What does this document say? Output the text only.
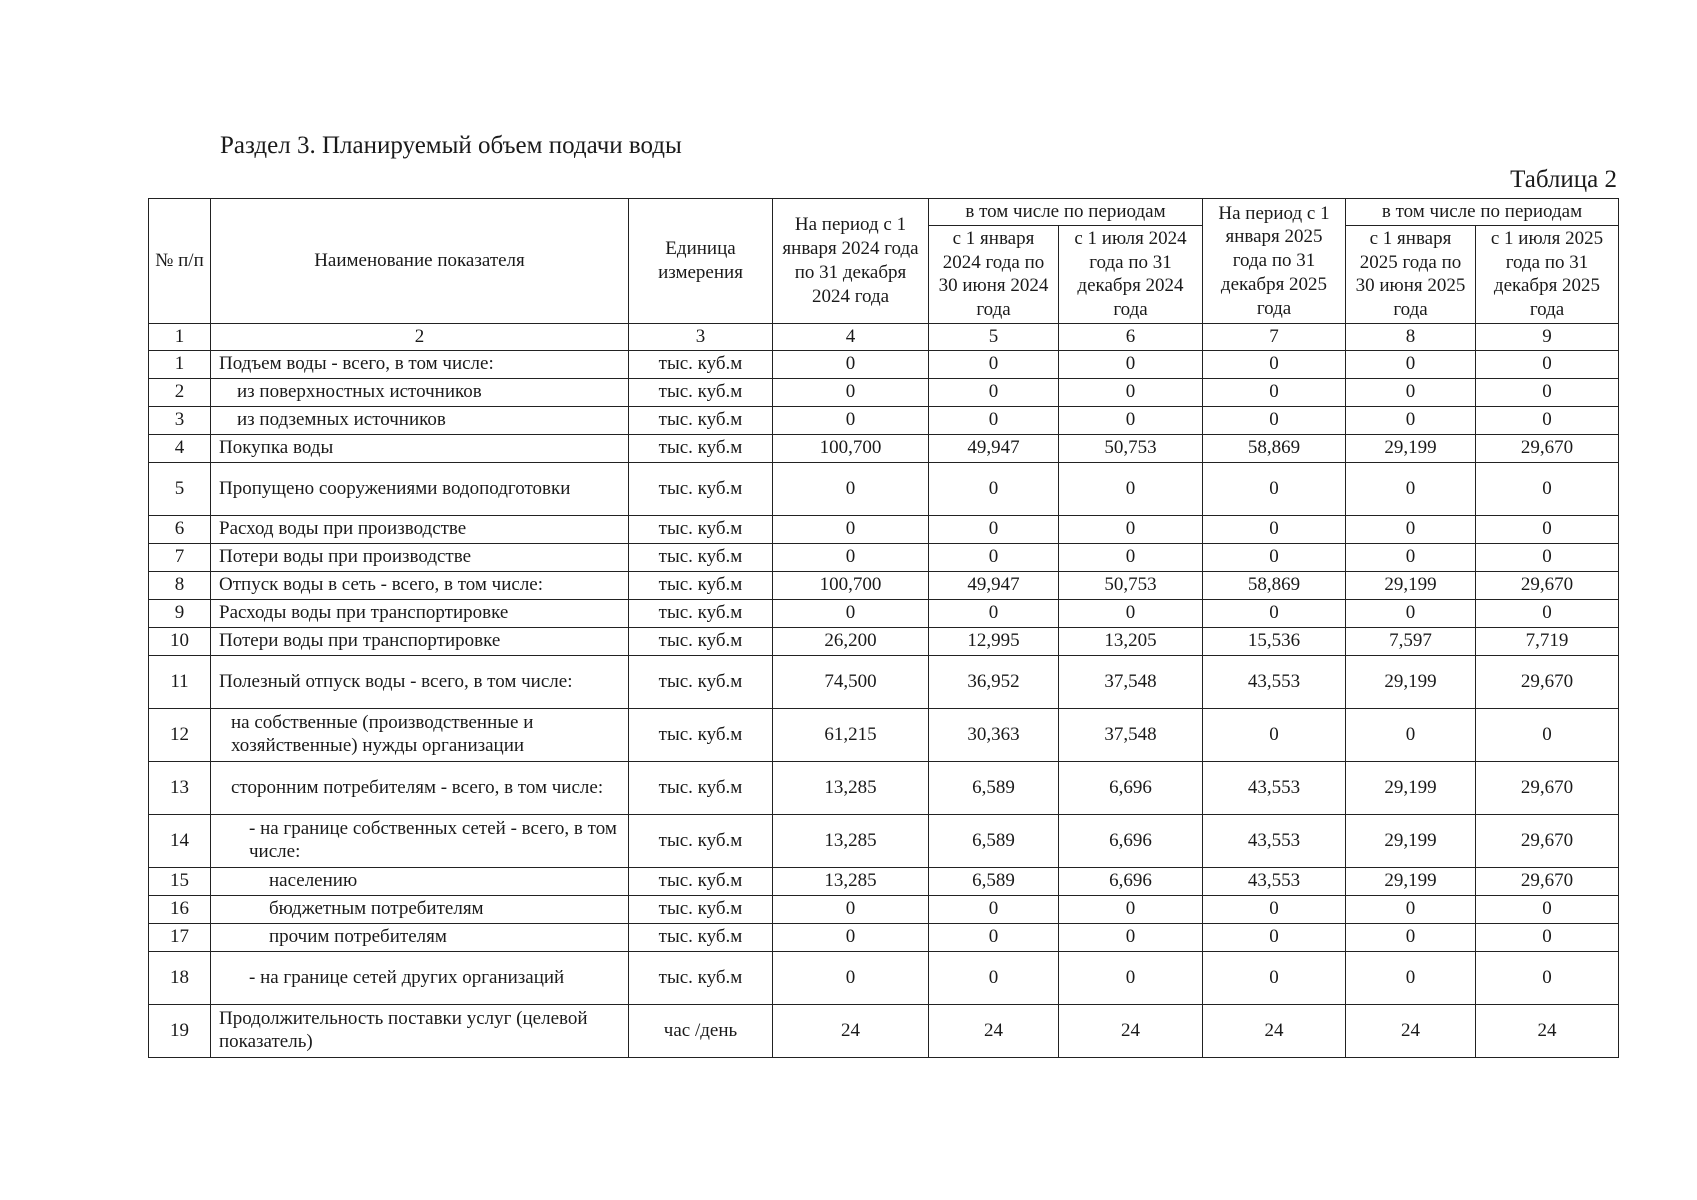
Раздел 3. Планируемый объем подачи воды
Таблица 2
№ п/п	Наименование показателя	Единица измерения	На период с 1 января 2024 года по 31 декабря 2024 года	в том числе по периодам		На период с 1 января 2025 года по 31 декабря 2025 года	в том числе по периодам	
				с 1 января 2024 года по 30 июня 2024 года	с 1 июля 2024 года по 31 декабря 2024 года		с 1 января 2025 года по 30 июня 2025 года	с 1 июля 2025 года по 31 декабря 2025 года
1	2	3	4	5	6	7	8	9
1	Подъем воды - всего, в том числе:	тыс. куб.м	0	0	0	0	0	0
2	из поверхностных источников	тыс. куб.м	0	0	0	0	0	0
3	из подземных источников	тыс. куб.м	0	0	0	0	0	0
4	Покупка воды	тыс. куб.м	100,700	49,947	50,753	58,869	29,199	29,670
5	Пропущено сооружениями водоподготовки	тыс. куб.м	0	0	0	0	0	0
6	Расход воды при производстве	тыс. куб.м	0	0	0	0	0	0
7	Потери воды при производстве	тыс. куб.м	0	0	0	0	0	0
8	Отпуск воды в сеть - всего, в том числе:	тыс. куб.м	100,700	49,947	50,753	58,869	29,199	29,670
9	Расходы воды при транспортировке	тыс. куб.м	0	0	0	0	0	0
10	Потери воды при транспортировке	тыс. куб.м	26,200	12,995	13,205	15,536	7,597	7,719
11	Полезный отпуск воды - всего, в том числе:	тыс. куб.м	74,500	36,952	37,548	43,553	29,199	29,670
12	на собственные (производственные и хозяйственные) нужды организации	тыс. куб.м	61,215	30,363	37,548	0	0	0
13	сторонним потребителям - всего, в том числе:	тыс. куб.м	13,285	6,589	6,696	43,553	29,199	29,670
14	- на границе собственных сетей - всего, в том числе:	тыс. куб.м	13,285	6,589	6,696	43,553	29,199	29,670
15	населению	тыс. куб.м	13,285	6,589	6,696	43,553	29,199	29,670
16	бюджетным потребителям	тыс. куб.м	0	0	0	0	0	0
17	прочим потребителям	тыс. куб.м	0	0	0	0	0	0
18	- на границе сетей других организаций	тыс. куб.м	0	0	0	0	0	0
19	Продолжительность поставки услуг (целевой показатель)	час /день	24	24	24	24	24	24
